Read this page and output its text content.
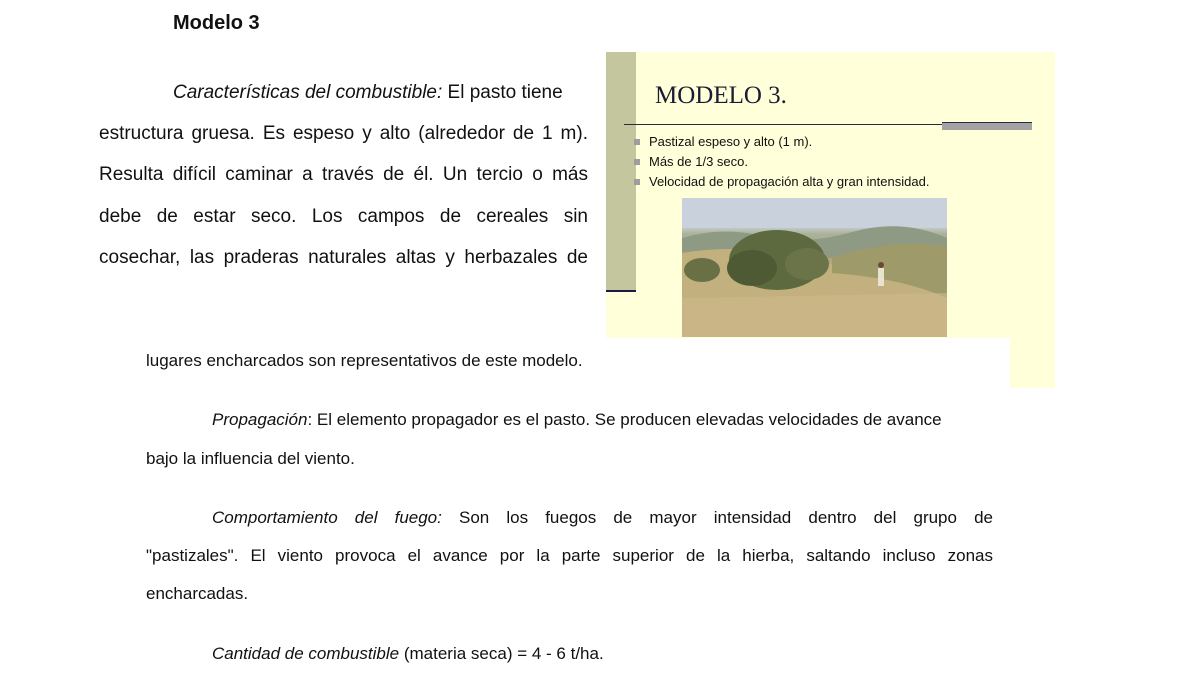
Modelo 3
Características del combustible: El pasto tiene
estructura gruesa. Es espeso y alto (alrededor de 1 m).
Resulta difícil caminar a través de él. Un tercio o más
debe de estar seco. Los campos de cereales sin
cosechar, las praderas naturales altas y herbazales de
MODELO 3.
Pastizal espeso y alto (1 m).
Más de 1/3 seco.
Velocidad de propagación alta y gran intensidad.
lugares encharcados son representativos de este modelo.
Propagación: El elemento propagador es el pasto. Se producen elevadas velocidades de avance
bajo la influencia del viento.
Comportamiento del fuego: Son los fuegos de mayor intensidad dentro del grupo de
"pastizales". El viento provoca el avance por la parte superior de la hierba, saltando incluso zonas
encharcadas.
Cantidad de combustible (materia seca) = 4 - 6 t/ha.
